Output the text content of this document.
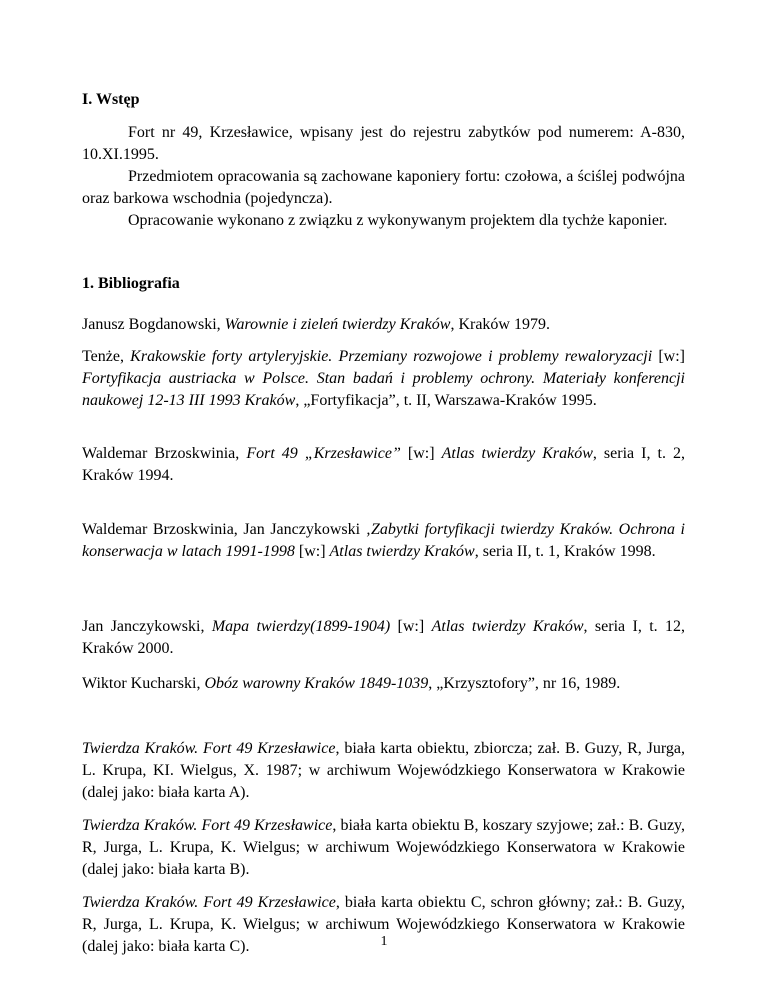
I. Wstęp

Fort nr 49, Krzesławice, wpisany jest do rejestru zabytków pod numerem: A-830, 10.XI.1995.

Przedmiotem opracowania są zachowane kaponiery fortu: czołowa, a ściślej podwójna oraz barkowa wschodnia (pojedyncza).

Opracowanie wykonano z związku z wykonywanym projektem dla tychże kaponier.

1. Bibliografia
Janusz Bogdanowski, Warownie i zieleń twierdzy Kraków, Kraków 1979.
Tenże, Krakowskie forty artyleryjskie. Przemiany rozwojowe i problemy rewaloryzacji [w:] Fortyfikacja austriacka w Polsce. Stan badań i problemy ochrony. Materiały konferencji naukowej 12-13 III 1993 Kraków, „Fortyfikacja”, t. II, Warszawa-Kraków 1995.
Waldemar Brzoskwinia, Fort 49 „Krzesławice” [w:] Atlas twierdzy Kraków, seria I, t. 2, Kraków 1994.
Waldemar Brzoskwinia, Jan Janczykowski ‚Zabytki fortyfikacji twierdzy Kraków. Ochrona i konserwacja w latach 1991-1998 [w:] Atlas twierdzy Kraków, seria II, t. 1, Kraków 1998.
Jan Janczykowski, Mapa twierdzy(1899-1904) [w:] Atlas twierdzy Kraków, seria I, t. 12, Kraków 2000.
Wiktor Kucharski, Obóz warowny Kraków 1849-1039, „Krzysztofory”, nr 16, 1989.
Twierdza Kraków. Fort 49 Krzesławice, biała karta obiektu, zbiorcza; zał. B. Guzy, R, Jurga, L. Krupa, KI. Wielgus, X. 1987; w archiwum Wojewódzkiego Konserwatora w Krakowie (dalej jako: biała karta A).
Twierdza Kraków. Fort 49 Krzesławice, biała karta obiektu B, koszary szyjowe; zał.: B. Guzy, R, Jurga, L. Krupa, K. Wielgus; w archiwum Wojewódzkiego Konserwatora w Krakowie (dalej jako: biała karta B).
Twierdza Kraków. Fort 49 Krzesławice, biała karta obiektu C, schron główny; zał.: B. Guzy, R, Jurga, L. Krupa, K. Wielgus; w archiwum Wojewódzkiego Konserwatora w Krakowie (dalej jako: biała karta C).	1
